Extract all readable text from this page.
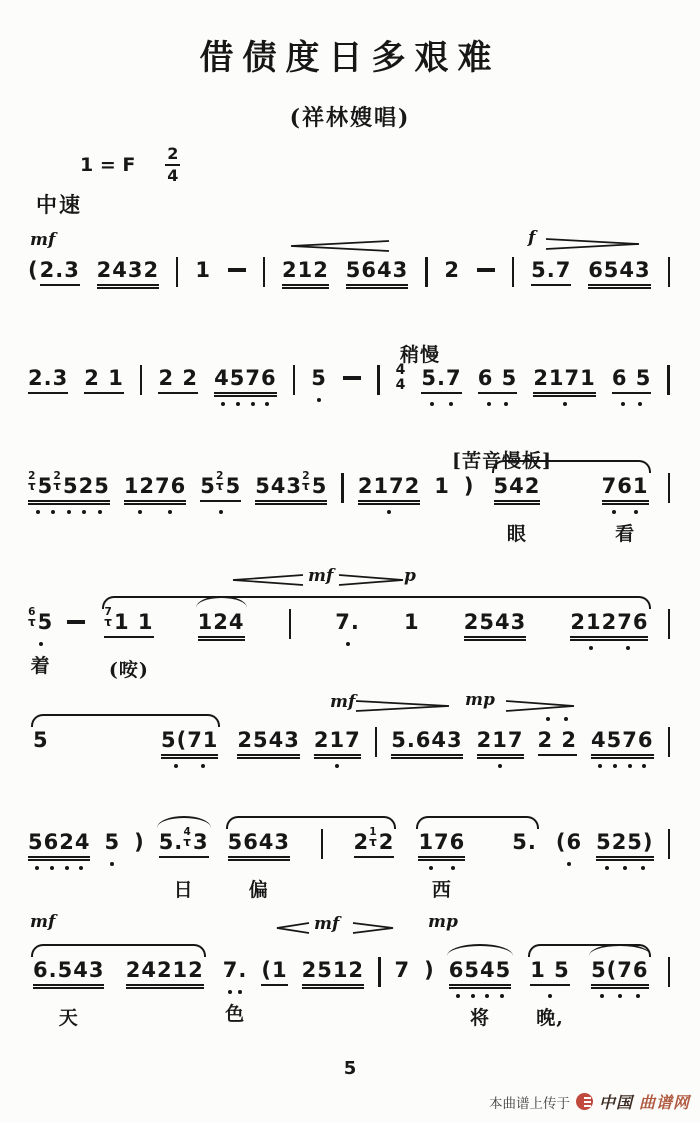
借债度日多艰难
(祥林嫂唱)
1 = F
2
4
中速
mf	f
( 2.3 2432 1	212 5643 2	5.7 6543
稍慢
2.3 2 1 2 2 4576 5	4
4 5.7 6 5 2171 6 5
[苦音慢板]
2
τ 5 2
τ 525 1276 5 2
τ 5 543 2
τ 5 2172 1 ) 542
眼
761
看
mf	p
6
τ 5
着
7
τ 1 1
(咹)
124	7. 1 2543 21276
mf	mp
5	5(71 2543 217 5.643 217 2 2 4576
5624 5 ) 5. 4
τ 3
日
5643
偏
2 1
τ 2 176
西
5. (6 525)
mf	mf	mp
6.543
天
24212 7.
色
(1 2512 7 ) 6545
将
1 5
晚,
5(76
5
本曲谱上传于 中国 曲谱网
